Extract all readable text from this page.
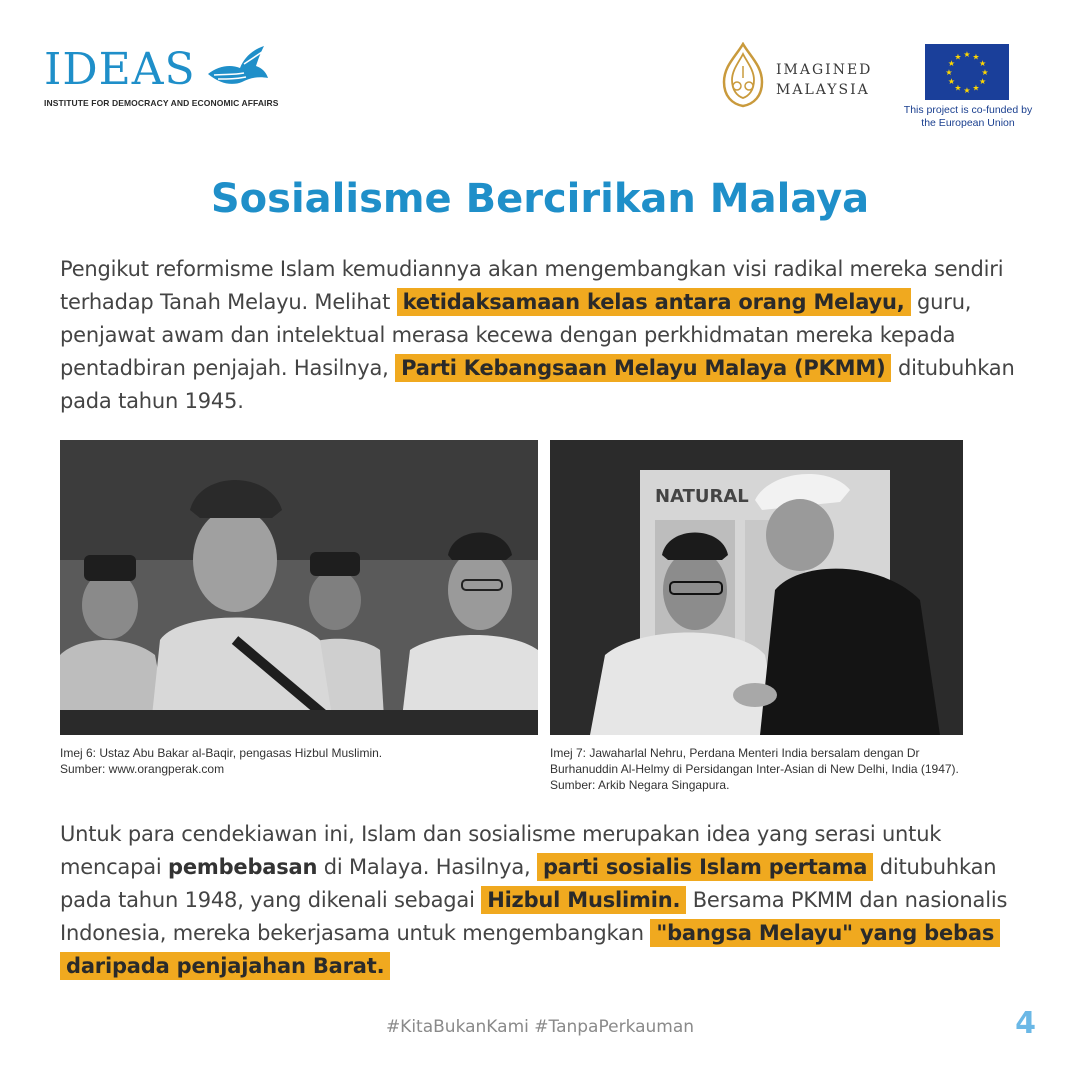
IDEAS
INSTITUTE FOR DEMOCRACY AND ECONOMIC AFFAIRS
IMAGINED
MALAYSIA
★ ★
★
★
★
★
★
★
★
★
★
★
This project is co-funded by
the European Union
Sosialisme Bercirikan Malaya

Pengikut reformisme Islam kemudiannya akan mengembangkan visi radikal mereka sendiri terhadap Tanah Melayu. Melihat ketidaksamaan kelas antara orang Melayu, guru, penjawat awam dan intelektual merasa kecewa dengan perkhidmatan mereka kepada pentadbiran penjajah. Hasilnya, Parti Kebangsaan Melayu Malaya (PKMM) ditubuhkan pada tahun 1945.

NATURAL
Imej 6: Ustaz Abu Bakar al-Baqir, pengasas Hizbul Muslimin.
Sumber: www.orangperak.com
Imej 7: Jawaharlal Nehru, Perdana Menteri India bersalam dengan Dr Burhanuddin Al-Helmy di Persidangan Inter-Asian di New Delhi, India (1947). Sumber: Arkib Negara Singapura.

Untuk para cendekiawan ini, Islam dan sosialisme merupakan idea yang serasi untuk mencapai pembebasan di Malaya. Hasilnya, parti sosialis Islam pertama ditubuhkan pada tahun 1948, yang dikenali sebagai Hizbul Muslimin. Bersama PKMM dan nasionalis Indonesia, mereka bekerjasama untuk mengembangkan "bangsa Melayu" yang bebas daripada penjajahan Barat.

#KitaBukanKami #TanpaPerkauman	4
